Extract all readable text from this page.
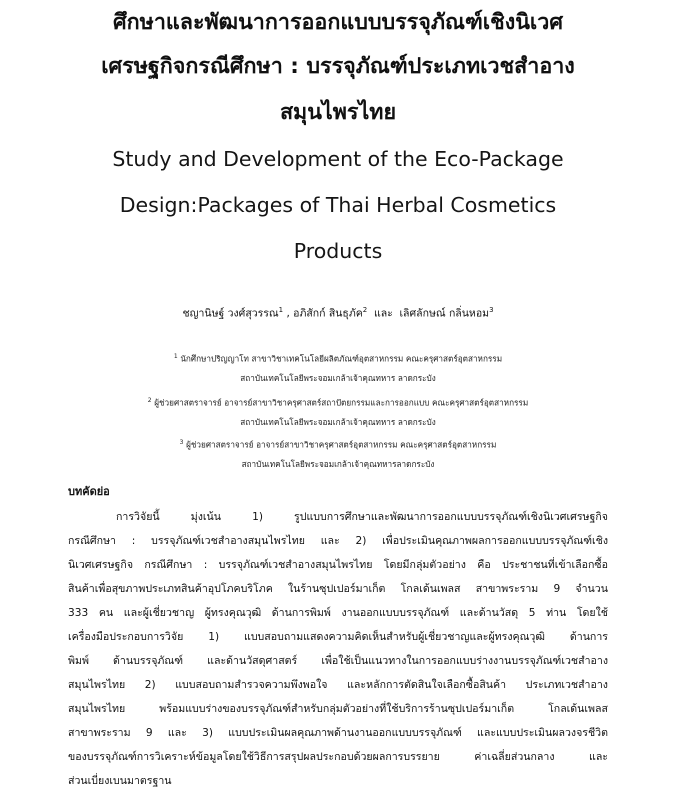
ศึกษาและพัฒนาการออกแบบบรรจุภัณฑ์เชิงนิเวศ
เศรษฐกิจกรณีศึกษา : บรรจุภัณฑ์ประเภทเวชสำอาง
สมุนไพรไทย
Study and Development of the Eco-Package
Design:Packages of Thai Herbal Cosmetics
Products
ชญานิษฐ์ วงศ์สุวรรณ$^1$ , อภิสักก์ สินธุภัค$^2$  และ  เลิศลักษณ์ กลิ่นหอม$^3$
$^1$ นักศึกษาปริญญาโท สาขาวิชาเทคโนโลยีผลิตภัณฑ์อุตสาหกรรม คณะครุศาสตร์อุตสาหกรรม
สถาบันเทคโนโลยีพระจอมเกล้าเจ้าคุณทหาร ลาดกระบัง
$^2$ ผู้ช่วยศาสตราจารย์ อาจารย์สาขาวิชาครุศาสตร์สถาปัตยกรรมและการออกแบบ คณะครุศาสตร์อุตสาหกรรม
สถาบันเทคโนโลยีพระจอมเกล้าเจ้าคุณทหาร ลาดกระบัง
$^3$ ผู้ช่วยศาสตราจารย์ อาจารย์สาขาวิชาครุศาสตร์อุตสาหกรรม คณะครุศาสตร์อุตสาหกรรม
สถาบันเทคโนโลยีพระจอมเกล้าเจ้าคุณทหารลาดกระบัง
บทคัดย่อ
การวิจัยนี้ มุ่งเน้น 1) รูปแบบการศึกษาและพัฒนาการออกแบบบรรจุภัณฑ์เชิงนิเวศเศรษฐกิจ
กรณีศึกษา : บรรจุภัณฑ์เวชสำอางสมุนไพรไทย และ 2) เพื่อประเมินคุณภาพผลการออกแบบบรรจุภัณฑ์เชิง
นิเวศเศรษฐกิจ กรณีศึกษา : บรรจุภัณฑ์เวชสำอางสมุนไพรไทย โดยมีกลุ่มตัวอย่าง คือ ประชาชนที่เข้าเลือกซื้อ
สินค้าเพื่อสุขภาพประเภทสินค้าอุปโภคบริโภค ในร้านซุปเปอร์มาเก็ต โกลเด้นเพลส สาขาพระราม 9 จำนวน
333 คน และผู้เชี่ยวชาญ ผู้ทรงคุณวุฒิ ด้านการพิมพ์ งานออกแบบบรรจุภัณฑ์ และด้านวัสดุ 5 ท่าน โดยใช้
เครื่องมือประกอบการวิจัย 1) แบบสอบถามแสดงความคิดเห็นสำหรับผู้เชี่ยวชาญและผู้ทรงคุณวุฒิ ด้านการ
พิมพ์ ด้านบรรจุภัณฑ์ และด้านวัสดุศาสตร์ เพื่อใช้เป็นแนวทางในการออกแบบร่างงานบรรจุภัณฑ์เวชสำอาง
สมุนไพรไทย 2) แบบสอบถามสำรวจความพึงพอใจ และหลักการตัดสินใจเลือกซื้อสินค้า ประเภทเวชสำอาง
สมุนไพรไทย พร้อมแบบร่างของบรรจุภัณฑ์สำหรับกลุ่มตัวอย่างที่ใช้บริการร้านซุปเปอร์มาเก็ต โกลเด้นเพลส
สาขาพระราม 9 และ 3) แบบประเมินผลคุณภาพด้านงานออกแบบบรรจุภัณฑ์ และแบบประเมินผลวงจรชีวิต
ของบรรจุภัณฑ์การวิเคราะห์ข้อมูลโดยใช้วิธีการสรุปผลประกอบด้วยผลการบรรยาย ค่าเฉลี่ยส่วนกลาง และ
ส่วนเบี่ยงเบนมาตรฐาน
